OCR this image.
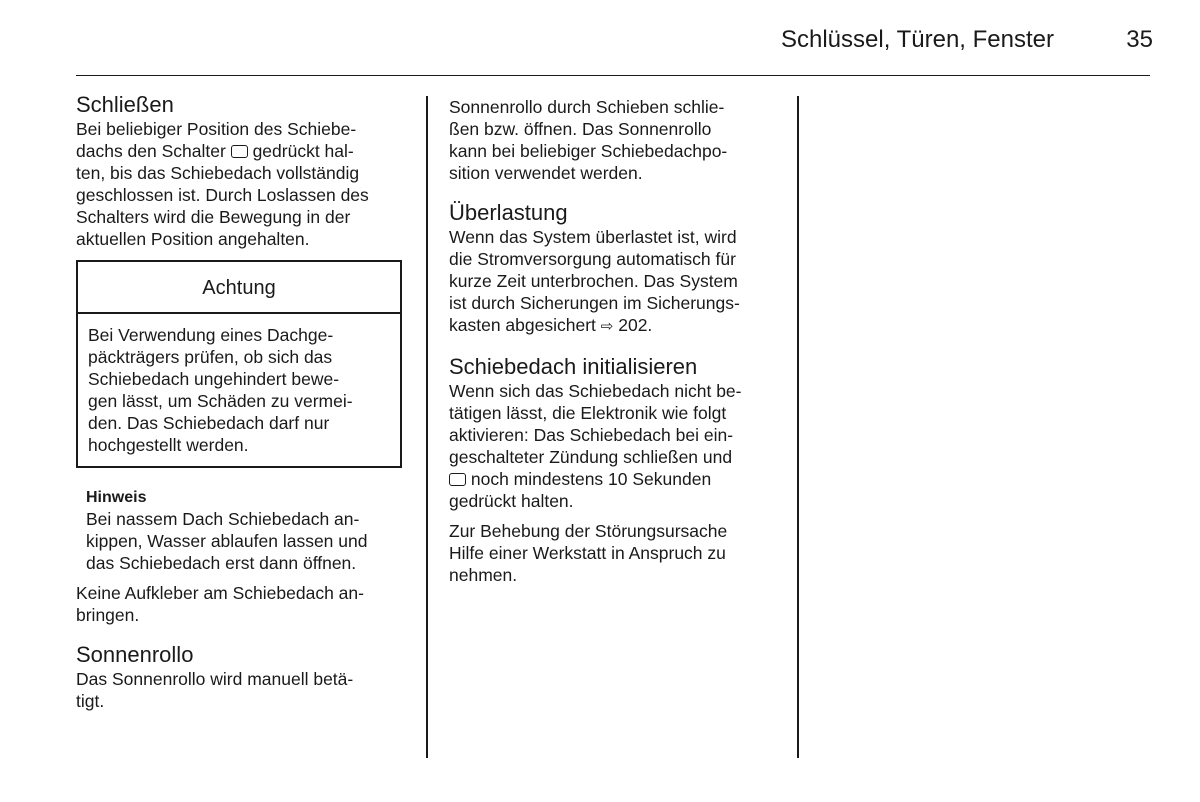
Schlüssel, Türen, Fenster	35
Schließen

Bei beliebiger Position des Schiebe-
dachs den Schalter gedrückt hal-
ten, bis das Schiebedach vollständig
geschlossen ist. Durch Loslassen des
Schalters wird die Bewegung in der
aktuellen Position angehalten.

Achtung
Bei Verwendung eines Dachge-
päckträgers prüfen, ob sich das
Schiebedach ungehindert bewe-
gen lässt, um Schäden zu vermei-
den. Das Schiebedach darf nur
hochgestellt werden.
Hinweis

Bei nassem Dach Schiebedach an-
kippen, Wasser ablaufen lassen und
das Schiebedach erst dann öffnen.

Keine Aufkleber am Schiebedach an-
bringen.

Sonnenrollo

Das Sonnenrollo wird manuell betä-
tigt.

Sonnenrollo durch Schieben schlie-
ßen bzw. öffnen. Das Sonnenrollo
kann bei beliebiger Schiebedachpo-
sition verwendet werden.

Überlastung

Wenn das System überlastet ist, wird
die Stromversorgung automatisch für
kurze Zeit unterbrochen. Das System
ist durch Sicherungen im Sicherungs-
kasten abgesichert ⇨ 202.

Schiebedach initialisieren

Wenn sich das Schiebedach nicht be-
tätigen lässt, die Elektronik wie folgt
aktivieren: Das Schiebedach bei ein-
geschalteter Zündung schließen und
noch mindestens 10 Sekunden
gedrückt halten.

Zur Behebung der Störungsursache
Hilfe einer Werkstatt in Anspruch zu
nehmen.
